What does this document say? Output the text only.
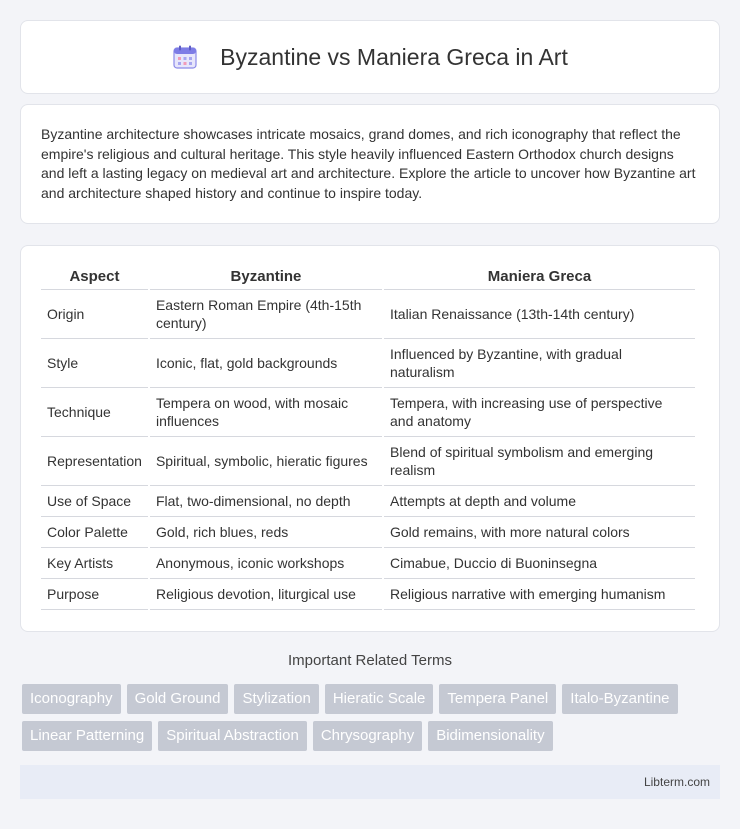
Byzantine vs Maniera Greca in Art

Byzantine architecture showcases intricate mosaics, grand domes, and rich iconography that reflect the empire's religious and cultural heritage. This style heavily influenced Eastern Orthodox church designs and left a lasting legacy on medieval art and architecture. Explore the article to uncover how Byzantine art and architecture shaped history and continue to inspire today.

Aspect	Byzantine	Maniera Greca
Origin	Eastern Roman Empire (4th-15th century)	Italian Renaissance (13th-14th century)
Style	Iconic, flat, gold backgrounds	Influenced by Byzantine, with gradual naturalism
Technique	Tempera on wood, with mosaic influences	Tempera, with increasing use of perspective and anatomy
Representation	Spiritual, symbolic, hieratic figures	Blend of spiritual symbolism and emerging realism
Use of Space	Flat, two-dimensional, no depth	Attempts at depth and volume
Color Palette	Gold, rich blues, reds	Gold remains, with more natural colors
Key Artists	Anonymous, iconic workshops	Cimabue, Duccio di Buoninsegna
Purpose	Religious devotion, liturgical use	Religious narrative with emerging humanism
Important Related Terms
Iconography	Gold Ground	Stylization	Hieratic Scale	Tempera Panel	Italo-Byzantine
Linear Patterning	Spiritual Abstraction	Chrysography	Bidimensionality
Libterm.com
